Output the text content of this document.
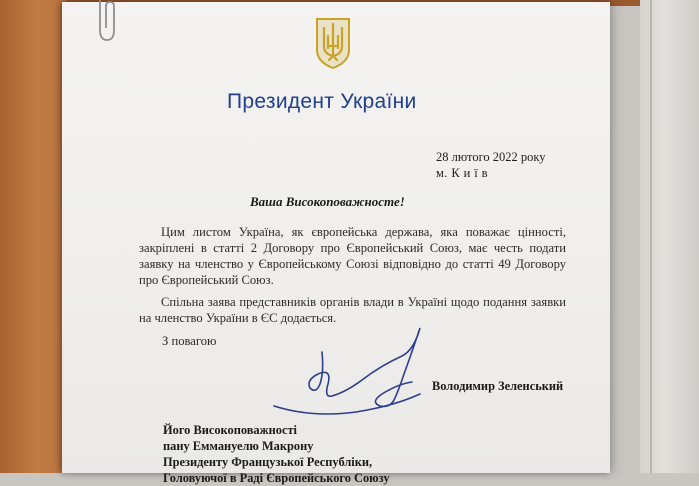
Президент України
28 лютого 2022 року
м. К и ї в

Ваша Високоповажносте!

Цим листом Україна, як європейська держава, яка поважає цінності, закріплені в статті 2 Договору про Європейський Союз, має честь подати заявку на членство у Європейському Союзі відповідно до статті 49 Договору про Європейський Союз.

Спільна заява представників органів влади в Україні щодо подання заявки на членство України в ЄС додається.

З повагою

Володимир Зеленський
Його Високоповажності
пану Еммануелю Макрону
Президенту Французької Республіки,
Головуючої в Раді Європейського Союзу
